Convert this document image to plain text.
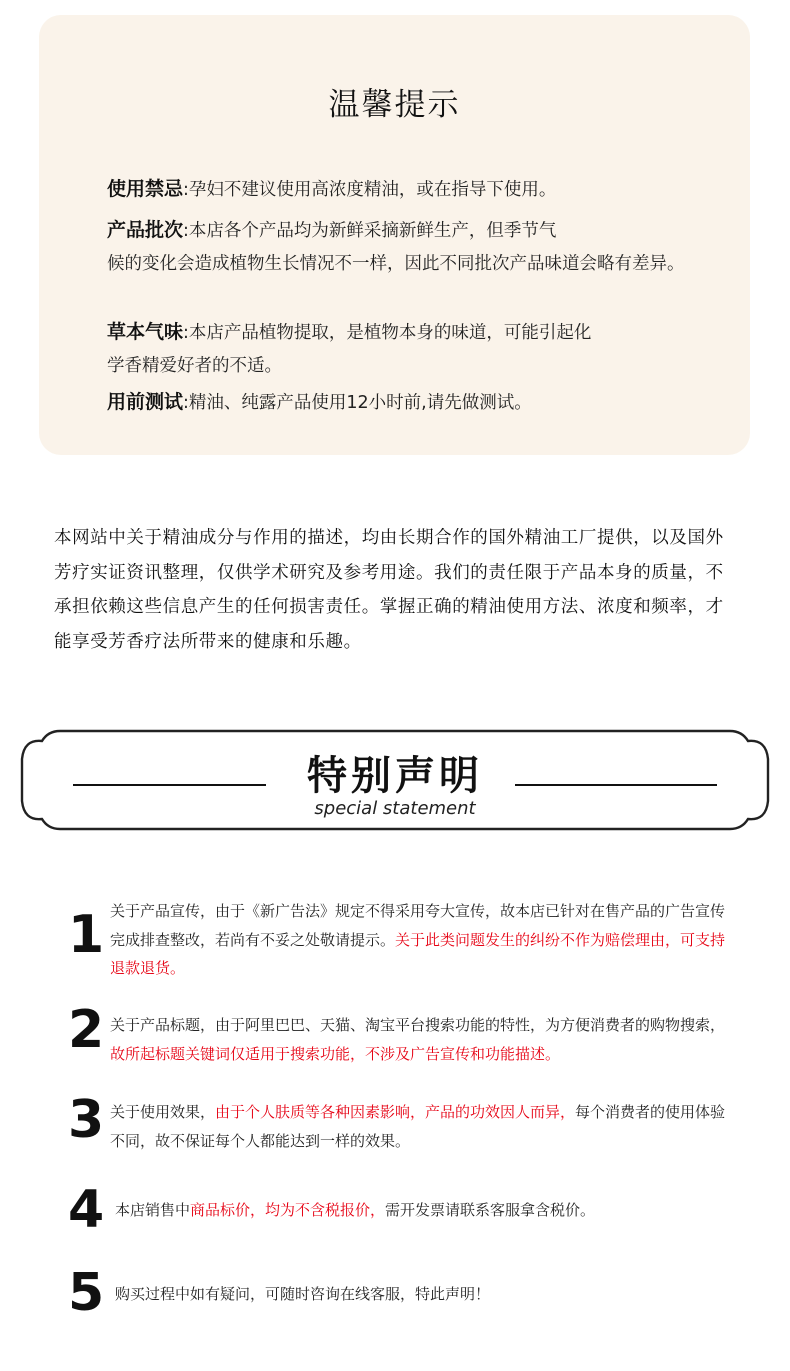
温馨提示
使用禁忌:孕妇不建议使用高浓度精油，或在指导下使用。
产品批次:本店各个产品均为新鲜采摘新鲜生产，但季节气
候的变化会造成植物生长情况不一样，因此不同批次产品味道会略有差异。
草本气味:本店产品植物提取，是植物本身的味道，可能引起化
学香精爱好者的不适。
用前测试:精油、纯露产品使用12小时前,请先做测试。
本网站中关于精油成分与作用的描述，均由长期合作的国外精油工厂提供，以及国外芳疗实证资讯整理，仅供学术研究及参考用途。我们的责任限于产品本身的质量，不承担依赖这些信息产生的任何损害责任。掌握正确的精油使用方法、浓度和频率，才能享受芳香疗法所带来的健康和乐趣。
特别声明
special statement
1 关于产品宣传，由于《新广告法》规定不得采用夸大宣传，故本店已针对在售产品的广告宣传完成排查整改，若尚有不妥之处敬请提示。关于此类问题发生的纠纷不作为赔偿理由，可支持退款退货。
2 关于产品标题，由于阿里巴巴、天猫、淘宝平台搜索功能的特性，为方便消费者的购物搜索，故所起标题关键词仅适用于搜索功能，不涉及广告宣传和功能描述。
3 关于使用效果，由于个人肤质等各种因素影响，产品的功效因人而异，每个消费者的使用体验不同，故不保证每个人都能达到一样的效果。
4 本店销售中商品标价，均为不含税报价，需开发票请联系客服拿含税价。
5 购买过程中如有疑问，可随时咨询在线客服，特此声明！
